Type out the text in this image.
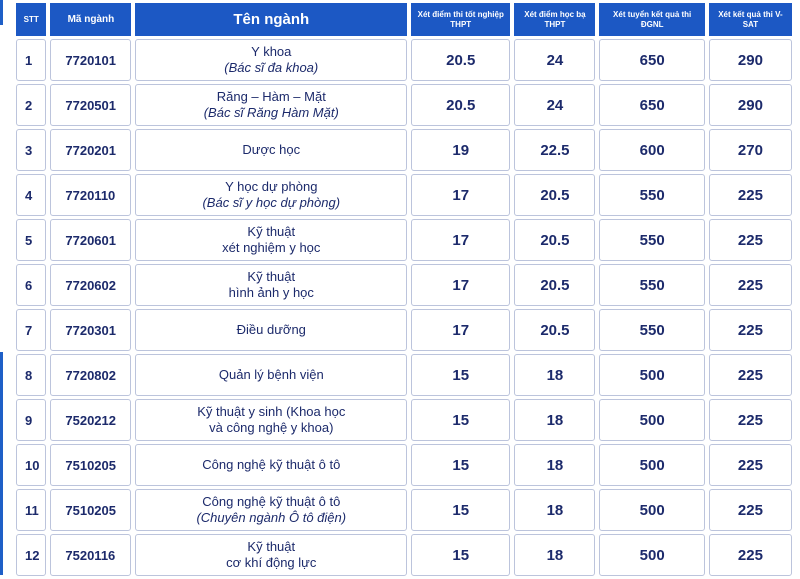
STT	Mã ngành	Tên ngành	Xét điểm thi tốt nghiệp THPT	Xét điểm học bạ THPT	Xét tuyển kết quả thi ĐGNL	Xét kết quả thi V-SAT
1	7720101	Y khoa
(Bác sĩ đa khoa)	20.5	24	650	290
2	7720501	Răng – Hàm – Mặt
(Bác sĩ Răng Hàm Mặt)	20.5	24	650	290
3	7720201	Dược học	19	22.5	600	270
4	7720110	Y học dự phòng
(Bác sĩ y học dự phòng)	17	20.5	550	225
5	7720601	Kỹ thuật
xét nghiệm y học	17	20.5	550	225
6	7720602	Kỹ thuật
hình ảnh y học	17	20.5	550	225
7	7720301	Điều dưỡng	17	20.5	550	225
8	7720802	Quản lý bệnh viện	15	18	500	225
9	7520212	Kỹ thuật y sinh (Khoa học
và công nghệ y khoa)	15	18	500	225
10	7510205	Công nghệ kỹ thuật ô tô	15	18	500	225
11	7510205	Công nghệ kỹ thuật ô tô
(Chuyên ngành Ô tô điện)	15	18	500	225
12	7520116	Kỹ thuật
cơ khí động lực	15	18	500	225
